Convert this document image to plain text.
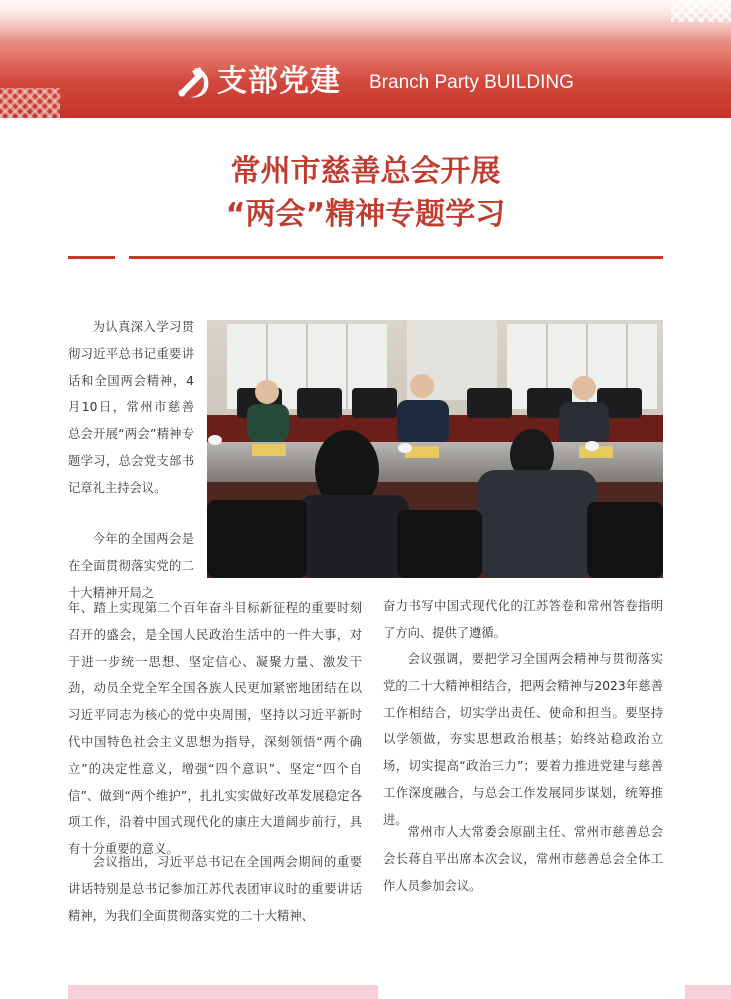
支部党建 Branch Party BUILDING
常州市慈善总会开展
“两会”精神专题学习

为认真深入学习贯彻习近平总书记重要讲话和全国两会精神，4月10日，常州市慈善总会开展“两会”精神专题学习，总会党支部书记章礼主持会议。

今年的全国两会是在全面贯彻落实党的二十大精神开局之

年、踏上实现第二个百年奋斗目标新征程的重要时刻召开的盛会，是全国人民政治生活中的一件大事，对于进一步统一思想、坚定信心、凝聚力量、激发干劲，动员全党全军全国各族人民更加紧密地团结在以习近平同志为核心的党中央周围，坚持以习近平新时代中国特色社会主义思想为指导，深刻领悟“两个确立”的决定性意义，增强“四个意识”、坚定“四个自信”、做到“两个维护”，扎扎实实做好改革发展稳定各项工作，沿着中国式现代化的康庄大道阔步前行，具有十分重要的意义。

会议指出，习近平总书记在全国两会期间的重要讲话特别是总书记参加江苏代表团审议时的重要讲话精神，为我们全面贯彻落实党的二十大精神、

奋力书写中国式现代化的江苏答卷和常州答卷指明了方向、提供了遵循。

会议强调，要把学习全国两会精神与贯彻落实党的二十大精神相结合，把两会精神与2023年慈善工作相结合，切实学出责任、使命和担当。要坚持以学领做，夯实思想政治根基；始终站稳政治立场，切实提高“政治三力”；要着力推进党建与慈善工作深度融合，与总会工作发展同步谋划，统筹推进。

常州市人大常委会原副主任、常州市慈善总会会长蒋自平出席本次会议，常州市慈善总会全体工作人员参加会议。
